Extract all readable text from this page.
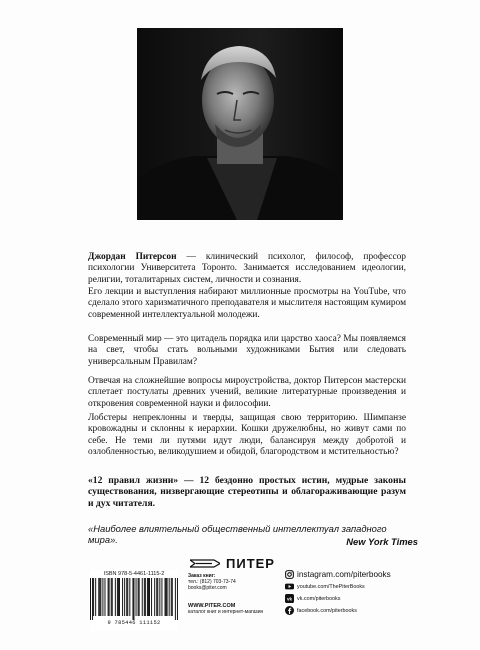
Джордан Питерсон — клинический психолог, философ, профессор психологии Университета Торонто. Занимается исследованием идеологии, религии, тоталитарных систем, личности и сознания.

Его лекции и выступления набирают миллионные просмотры на YouTube, что сделало этого харизматичного преподавателя и мыслителя настоящим кумиром современной интеллектуальной молодежи.

Современный мир — это цитадель порядка или царство хаоса? Мы появляемся на свет, чтобы стать вольными художниками Бытия или следовать универсальным Правилам?

Отвечая на сложнейшие вопросы мироустройства, доктор Питерсон мастерски сплетает постулаты древних учений, великие литературные произведения и откровения современной науки и философии.

Лобстеры непреклонны и тверды, защищая свою территорию. Шимпанзе кровожадны и склонны к иерархии. Кошки дружелюбны, но живут сами по себе. Не теми ли путями идут люди, балансируя между добротой и озлобленностью, великодушием и обидой, благородством и мстительностью?

«12 правил жизни» — 12 бездонно простых истин, мудрые законы существования, низвергающие стереотипы и облагораживающие разум и дух читателя.

«Наиболее влиятельный общественный интеллектуал западного мира».	New York Times
ПИТЕР
ISBN 978-5-4461-1115-2
9 785446 111152
Заказ книг:
тел.: (812) 703-73-74
books@piter.com
WWW.PITER.COM
каталог книг и интернет-магазин
instagram.com/piterbooks
youtube.com/ThePiterBooks
vk vk.com/piterbooks
facebook.com/piterbooks
